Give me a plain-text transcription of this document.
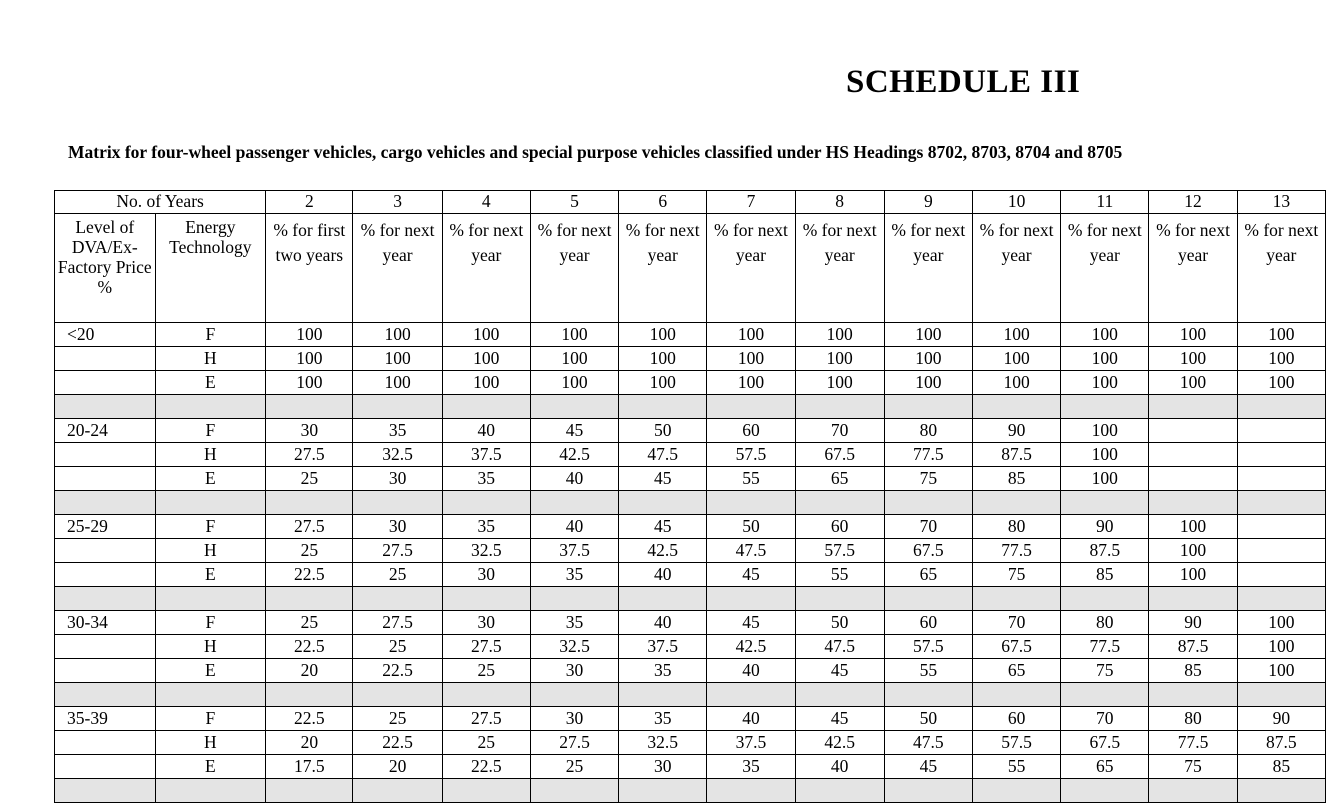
SCHEDULE III

Matrix for four-wheel passenger vehicles, cargo vehicles and special purpose vehicles classified under HS Headings 8702, 8703, 8704 and 8705

No. of Years		2	3	4	5	6	7	8	9	10	11	12	13
Level of DVA/Ex-Factory Price %	Energy Technology	% for first two years	% for next year	% for next year	% for next year	% for next year	% for next year	% for next year	% for next year	% for next year	% for next year	% for next year	% for next year
<20	F	100	100	100	100	100	100	100	100	100	100	100	100
	H	100	100	100	100	100	100	100	100	100	100	100	100
	E	100	100	100	100	100	100	100	100	100	100	100	100

20-24	F	30	35	40	45	50	60	70	80	90	100		
	H	27.5	32.5	37.5	42.5	47.5	57.5	67.5	77.5	87.5	100		
	E	25	30	35	40	45	55	65	75	85	100		

25-29	F	27.5	30	35	40	45	50	60	70	80	90	100	
	H	25	27.5	32.5	37.5	42.5	47.5	57.5	67.5	77.5	87.5	100	
	E	22.5	25	30	35	40	45	55	65	75	85	100	

30-34	F	25	27.5	30	35	40	45	50	60	70	80	90	100
	H	22.5	25	27.5	32.5	37.5	42.5	47.5	57.5	67.5	77.5	87.5	100
	E	20	22.5	25	30	35	40	45	55	65	75	85	100

35-39	F	22.5	25	27.5	30	35	40	45	50	60	70	80	90
	H	20	22.5	25	27.5	32.5	37.5	42.5	47.5	57.5	67.5	77.5	87.5
	E	17.5	20	22.5	25	30	35	40	45	55	65	75	85
